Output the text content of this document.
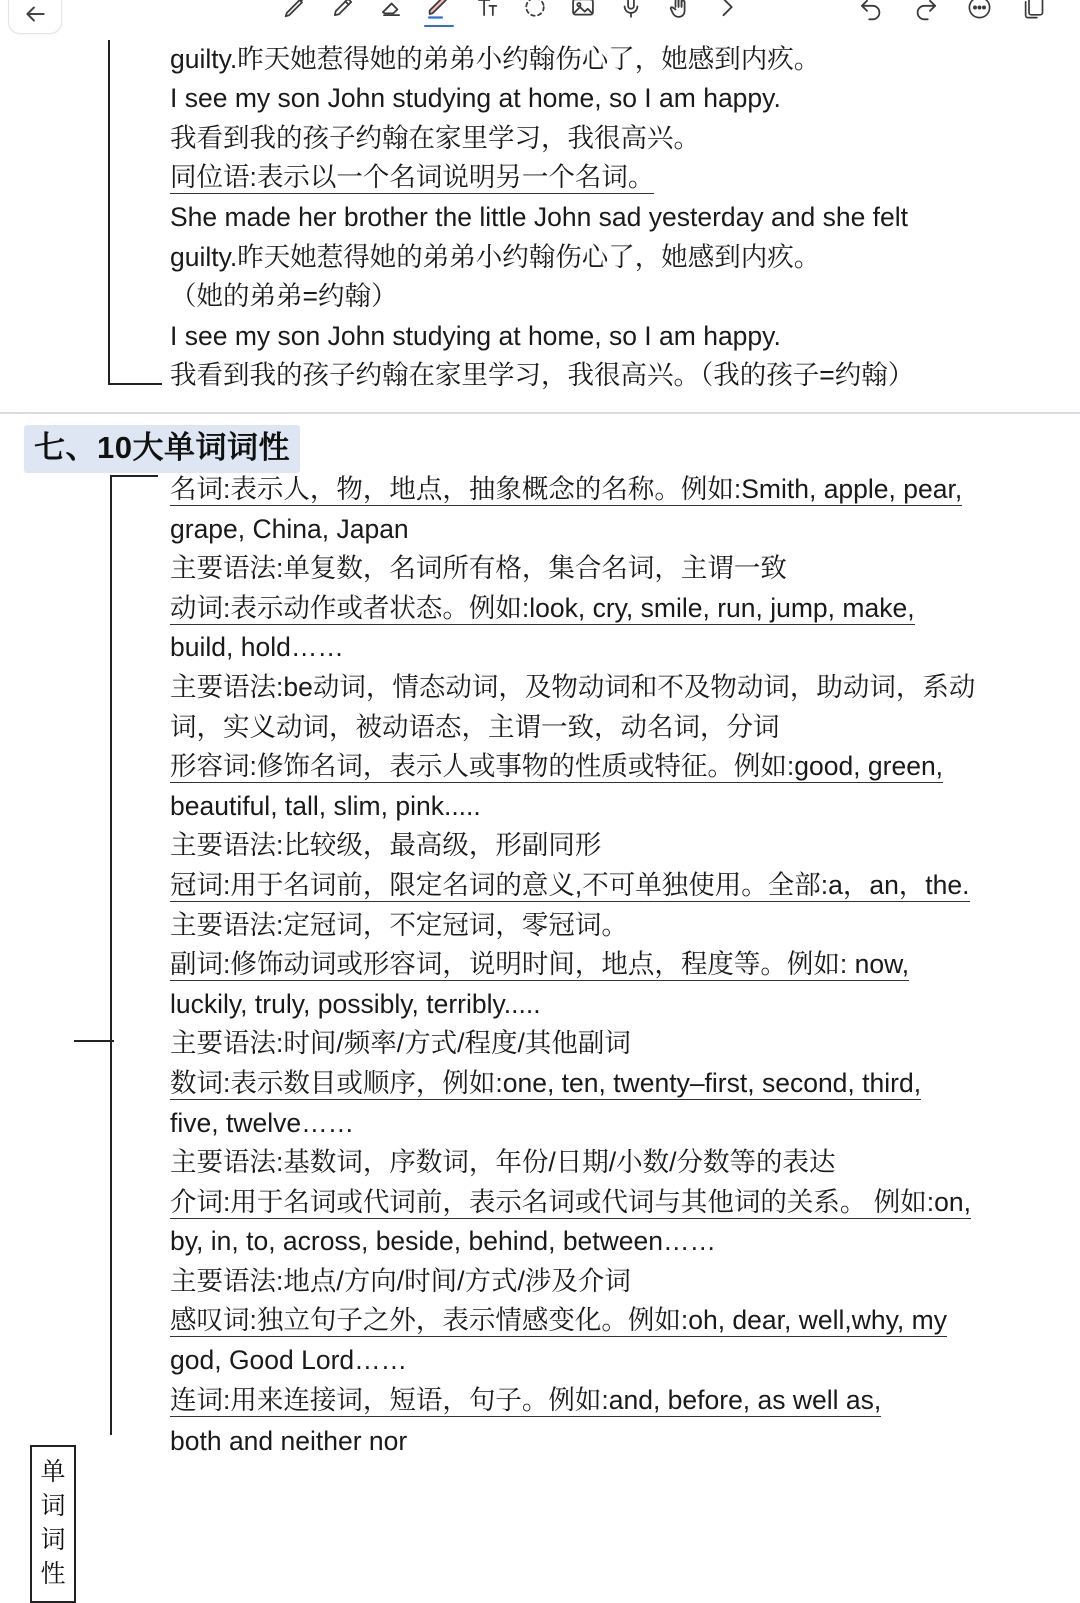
guilty.昨天她惹得她的弟弟小约翰伤心了，她感到内疚。
I see my son John studying at home, so I am happy.
我看到我的孩子约翰在家里学习，我很高兴。
同位语:表示以一个名词说明另一个名词。
She made her brother the little John sad yesterday and she felt
guilty.昨天她惹得她的弟弟小约翰伤心了，她感到内疚。
（她的弟弟=约翰）
I see my son John studying at home, so I am happy.
我看到我的孩子约翰在家里学习，我很高兴。（我的孩子=约翰）
七、10大单词词性
单词词性
名词:表示人，物，地点，抽象概念的名称。例如:Smith, apple, pear,
grape, China, Japan
主要语法:单复数，名词所有格，集合名词，主谓一致
动词:表示动作或者状态。例如:look, cry, smile, run, jump, make,
build, hold……
主要语法:be动词，情态动词，及物动词和不及物动词，助动词，系动
词，实义动词，被动语态，主谓一致，动名词，分词
形容词:修饰名词，表示人或事物的性质或特征。例如:good, green,
beautiful, tall, slim, pink.....
主要语法:比较级，最高级，形副同形
冠词:用于名词前，限定名词的意义,不可单独使用。全部:a，an，the.
主要语法:定冠词，不定冠词，零冠词。
副词:修饰动词或形容词，说明时间，地点，程度等。例如: now,
luckily, truly, possibly, terribly.....
主要语法:时间/频率/方式/程度/其他副词
数词:表示数目或顺序，例如:one, ten, twenty–first, second, third,
five, twelve……
主要语法:基数词，序数词，年份/日期/小数/分数等的表达
介词:用于名词或代词前，表示名词或代词与其他词的关系。 例如:on,
by, in, to, across, beside, behind, between……
主要语法:地点/方向/时间/方式/涉及介词
感叹词:独立句子之外，表示情感变化。例如:oh, dear, well,why, my
god, Good Lord……
连词:用来连接词，短语，句子。例如:and, before, as well as,
both and neither nor
